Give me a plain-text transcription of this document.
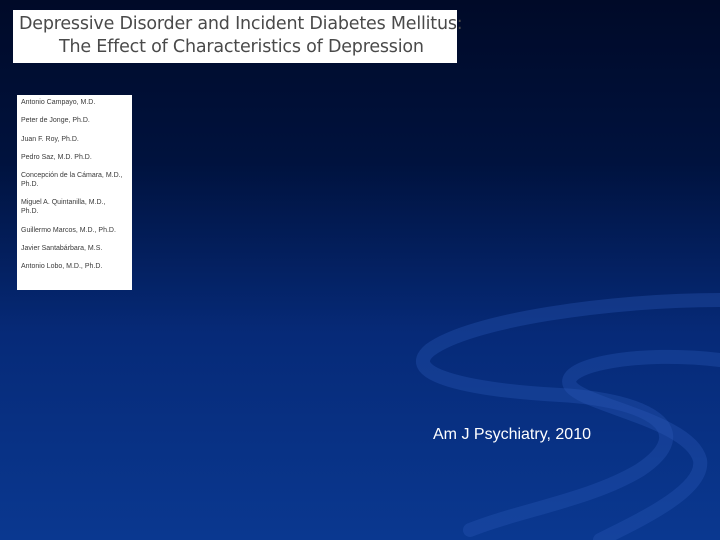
Depressive Disorder and Incident Diabetes Mellitus:
The Effect of Characteristics of Depression
Antonio Campayo, M.D.
Peter de Jonge, Ph.D.
Juan F. Roy, Ph.D.
Pedro Saz, M.D. Ph.D.
Concepción de la Cámara, M.D.,
Ph.D.
Miguel A. Quintanilla, M.D.,
Ph.D.
Guillermo Marcos, M.D., Ph.D.
Javier Santabárbara, M.S.
Antonio Lobo, M.D., Ph.D.
Am J Psychiatry, 2010
